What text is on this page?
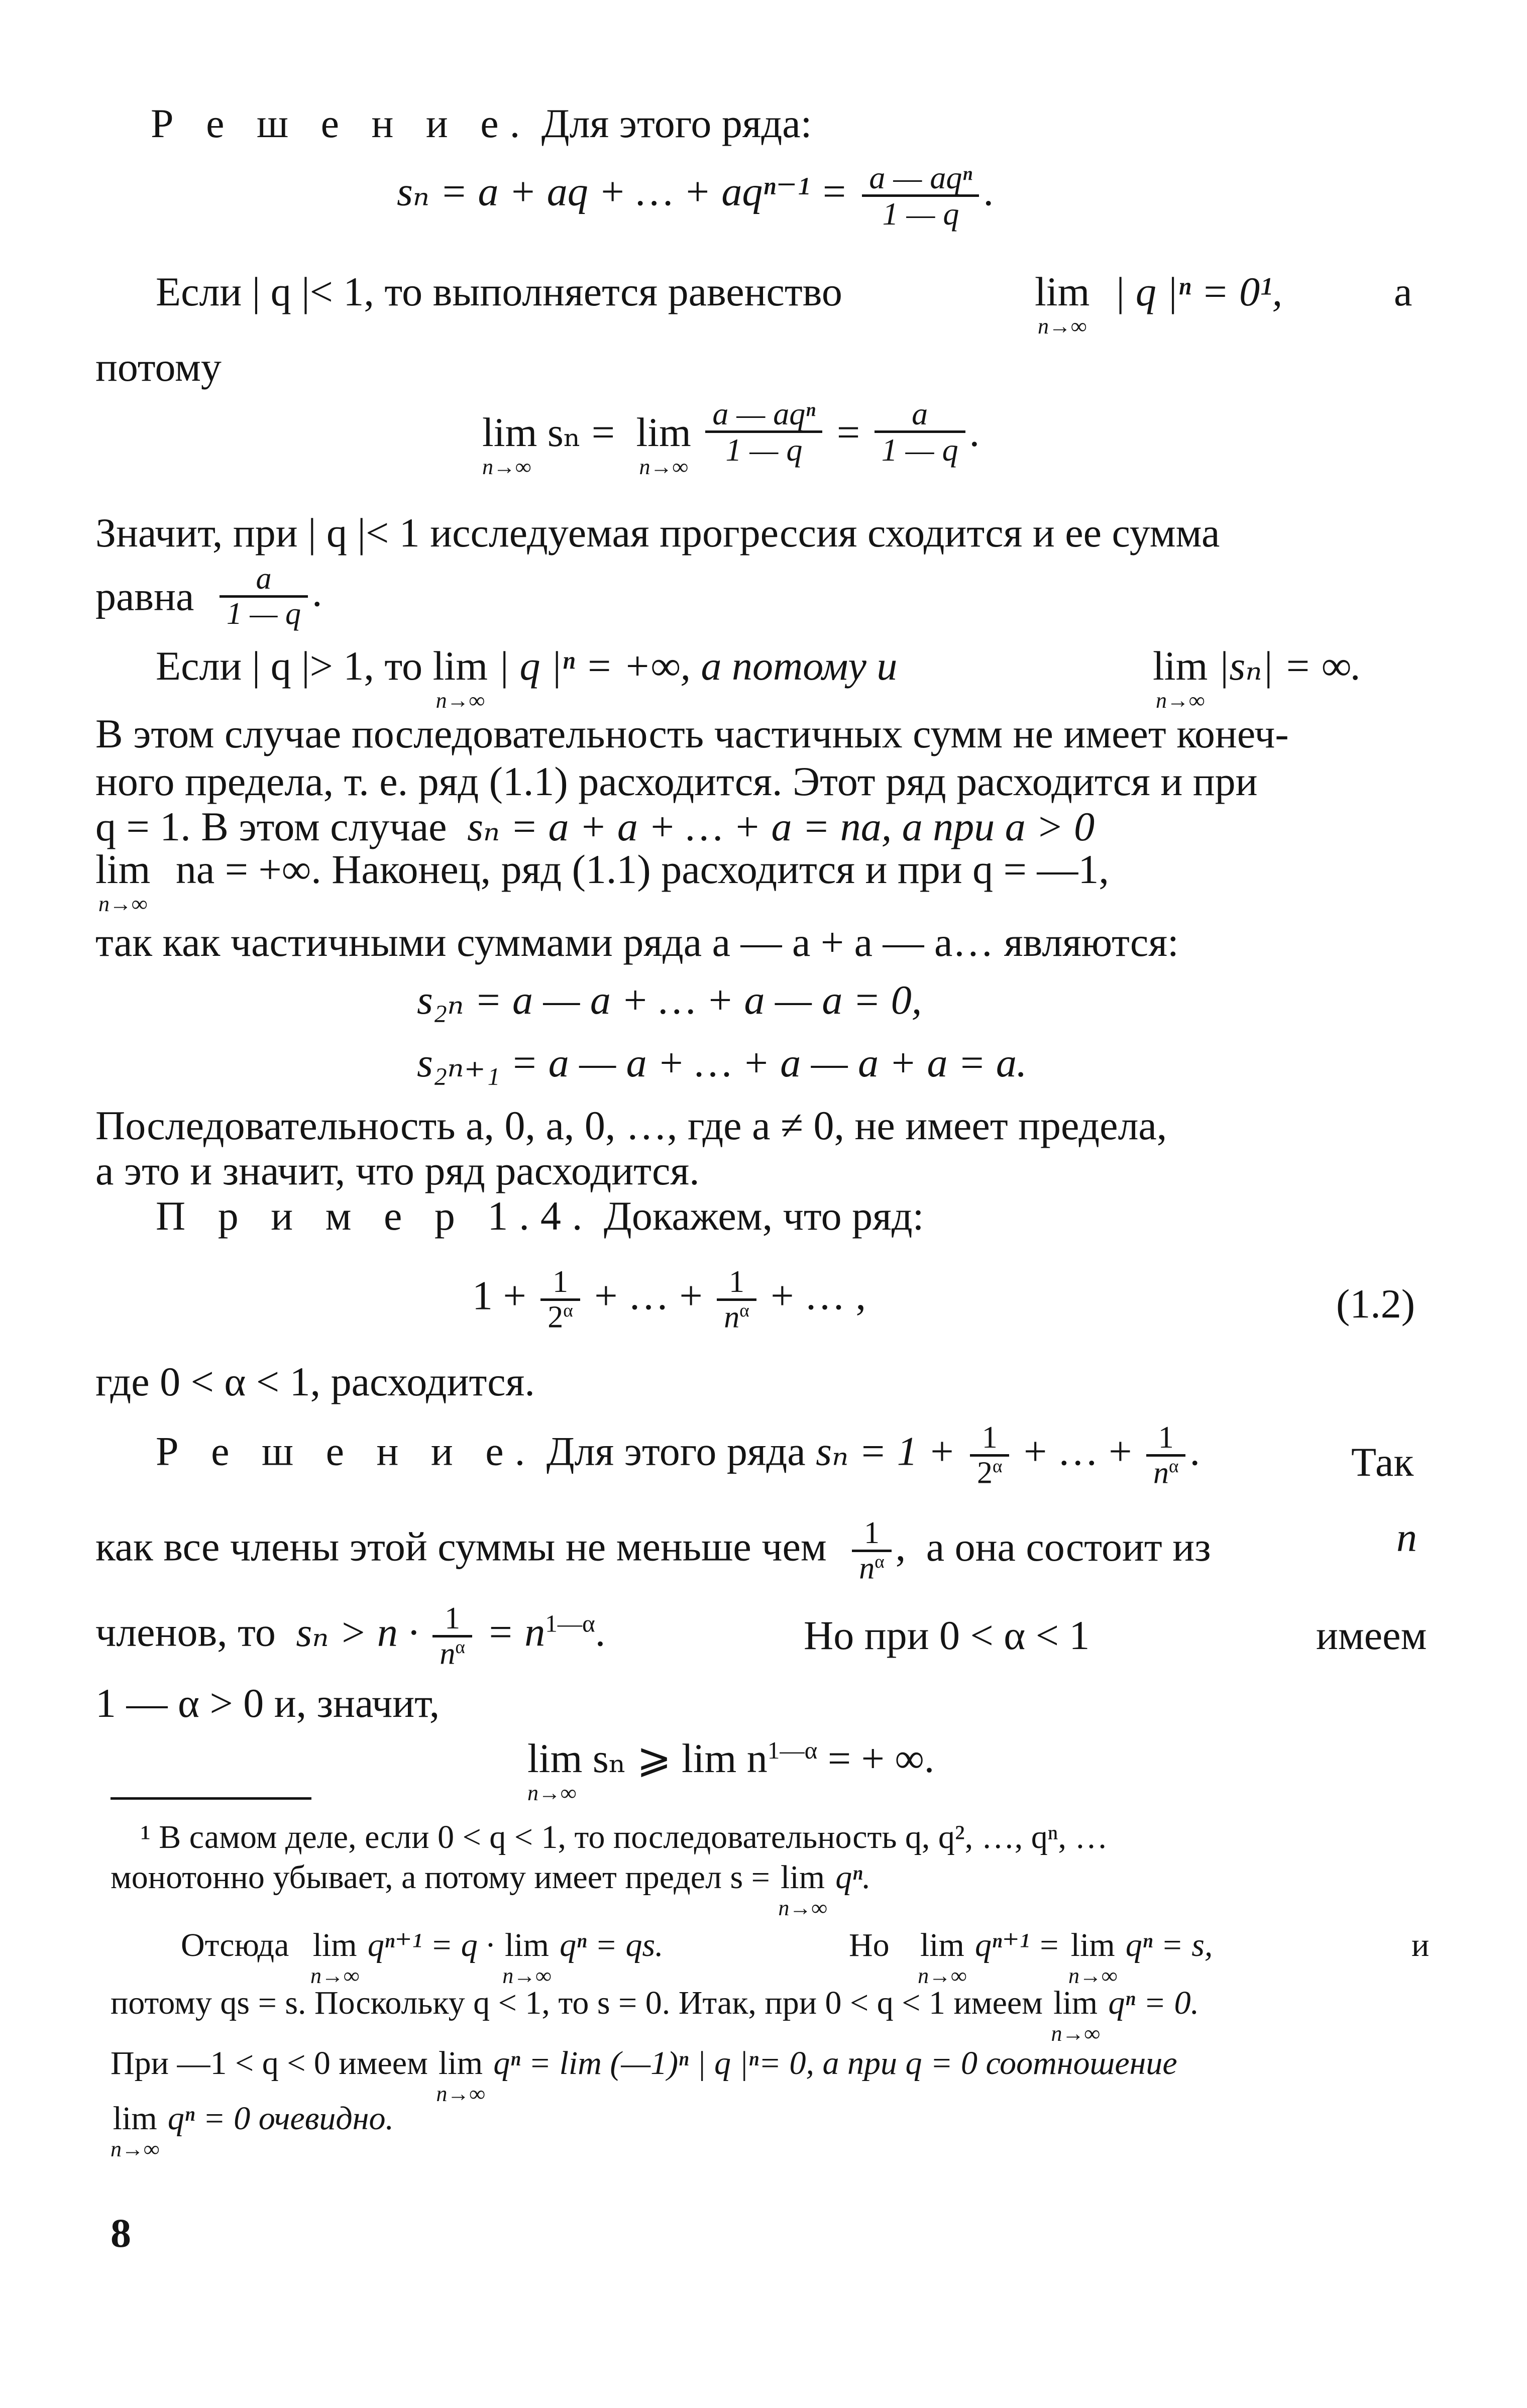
Р е ш е н и е. Для этого ряда:
sₙ = a + aq + … + $aq^{n-1} = \frac{\text{a — aqⁿ}}{1 — q}$ .
Если | q |< 1, то выполняется равенство	lim
n→∞
| q |ⁿ = 0¹,	а
потому
lim sₙ =
n→∞
lim
n→∞

$\frac{\text{a — aqⁿ}}{1 — q} = \frac{a}{1 — q}$ .
Значит, при | q |< 1 исследуемая прогрессия сходится и ее сумма
равна $\frac{a}{1 — q}$ .
Если | q |> 1, то lim
n→∞
| q |ⁿ = +∞, а потому и	lim
n→∞
|sₙ| = ∞.
В этом случае последовательность частичных сумм не имеет конеч-
ного предела, т. е. ряд (1.1) расходится. Этот ряд расходится и при
q = 1. В этом случае sₙ = a + a + … + a = na, а при a > 0
lim
n→∞
na = +∞. Наконец, ряд (1.1) расходится и при q = —1,
так как частичными суммами ряда a — a + a — a… являются:
s₂ₙ = a — a + … + a — a = 0,
s₂ₙ₊₁ = a — a + … + a — a + a = a.
Последовательность a, 0, a, 0, …, где a ≠ 0, не имеет предела,
а это и значит, что ряд расходится.
П р и м е р 1.4. Докажем, что ряд:
$1 + \frac{1}{2^\alpha}$ + … + $\frac{1}{n^\alpha}$ + … ,	(1.2)
где 0 < α < 1, расходится.
Р е ш е н и е. Для этого ряда $s_n = 1 + \frac{1}{2^\alpha}$ + … + $\frac{1}{n^\alpha}$ .	Так
как все члены этой суммы не меньше чем $\frac{1}{n^\alpha}$ , а она состоит из	n
членов, то $s_n > n \cdot \frac{1}{n^\alpha} = n^{1—\alpha}$.	Но при 0 < α < 1	имеем
1 — α > 0 и, значит,
lim sₙ ⩾ lim n
n→∞
$^{1—\alpha}$ = + ∞.
¹ В самом деле, если 0 < q < 1, то последовательность q, q², …, qⁿ, …
монотонно убывает, а потому имеет предел s = lim
n→∞
qⁿ.
Отсюда lim
n→∞
qⁿ⁺¹ = q · lim
n→∞
qⁿ = qs.	Но lim
n→∞
qⁿ⁺¹ = lim
n→∞
qⁿ = s,	и
потому qs = s. Поскольку q < 1, то s = 0. Итак, при 0 < q < 1 имеем lim
n→∞
qⁿ = 0.
При —1 < q < 0 имеем lim
n→∞
qⁿ = lim (—1)ⁿ | q |ⁿ= 0, а при q = 0 соотношение
lim
n→∞
qⁿ = 0 очевидно.
8
